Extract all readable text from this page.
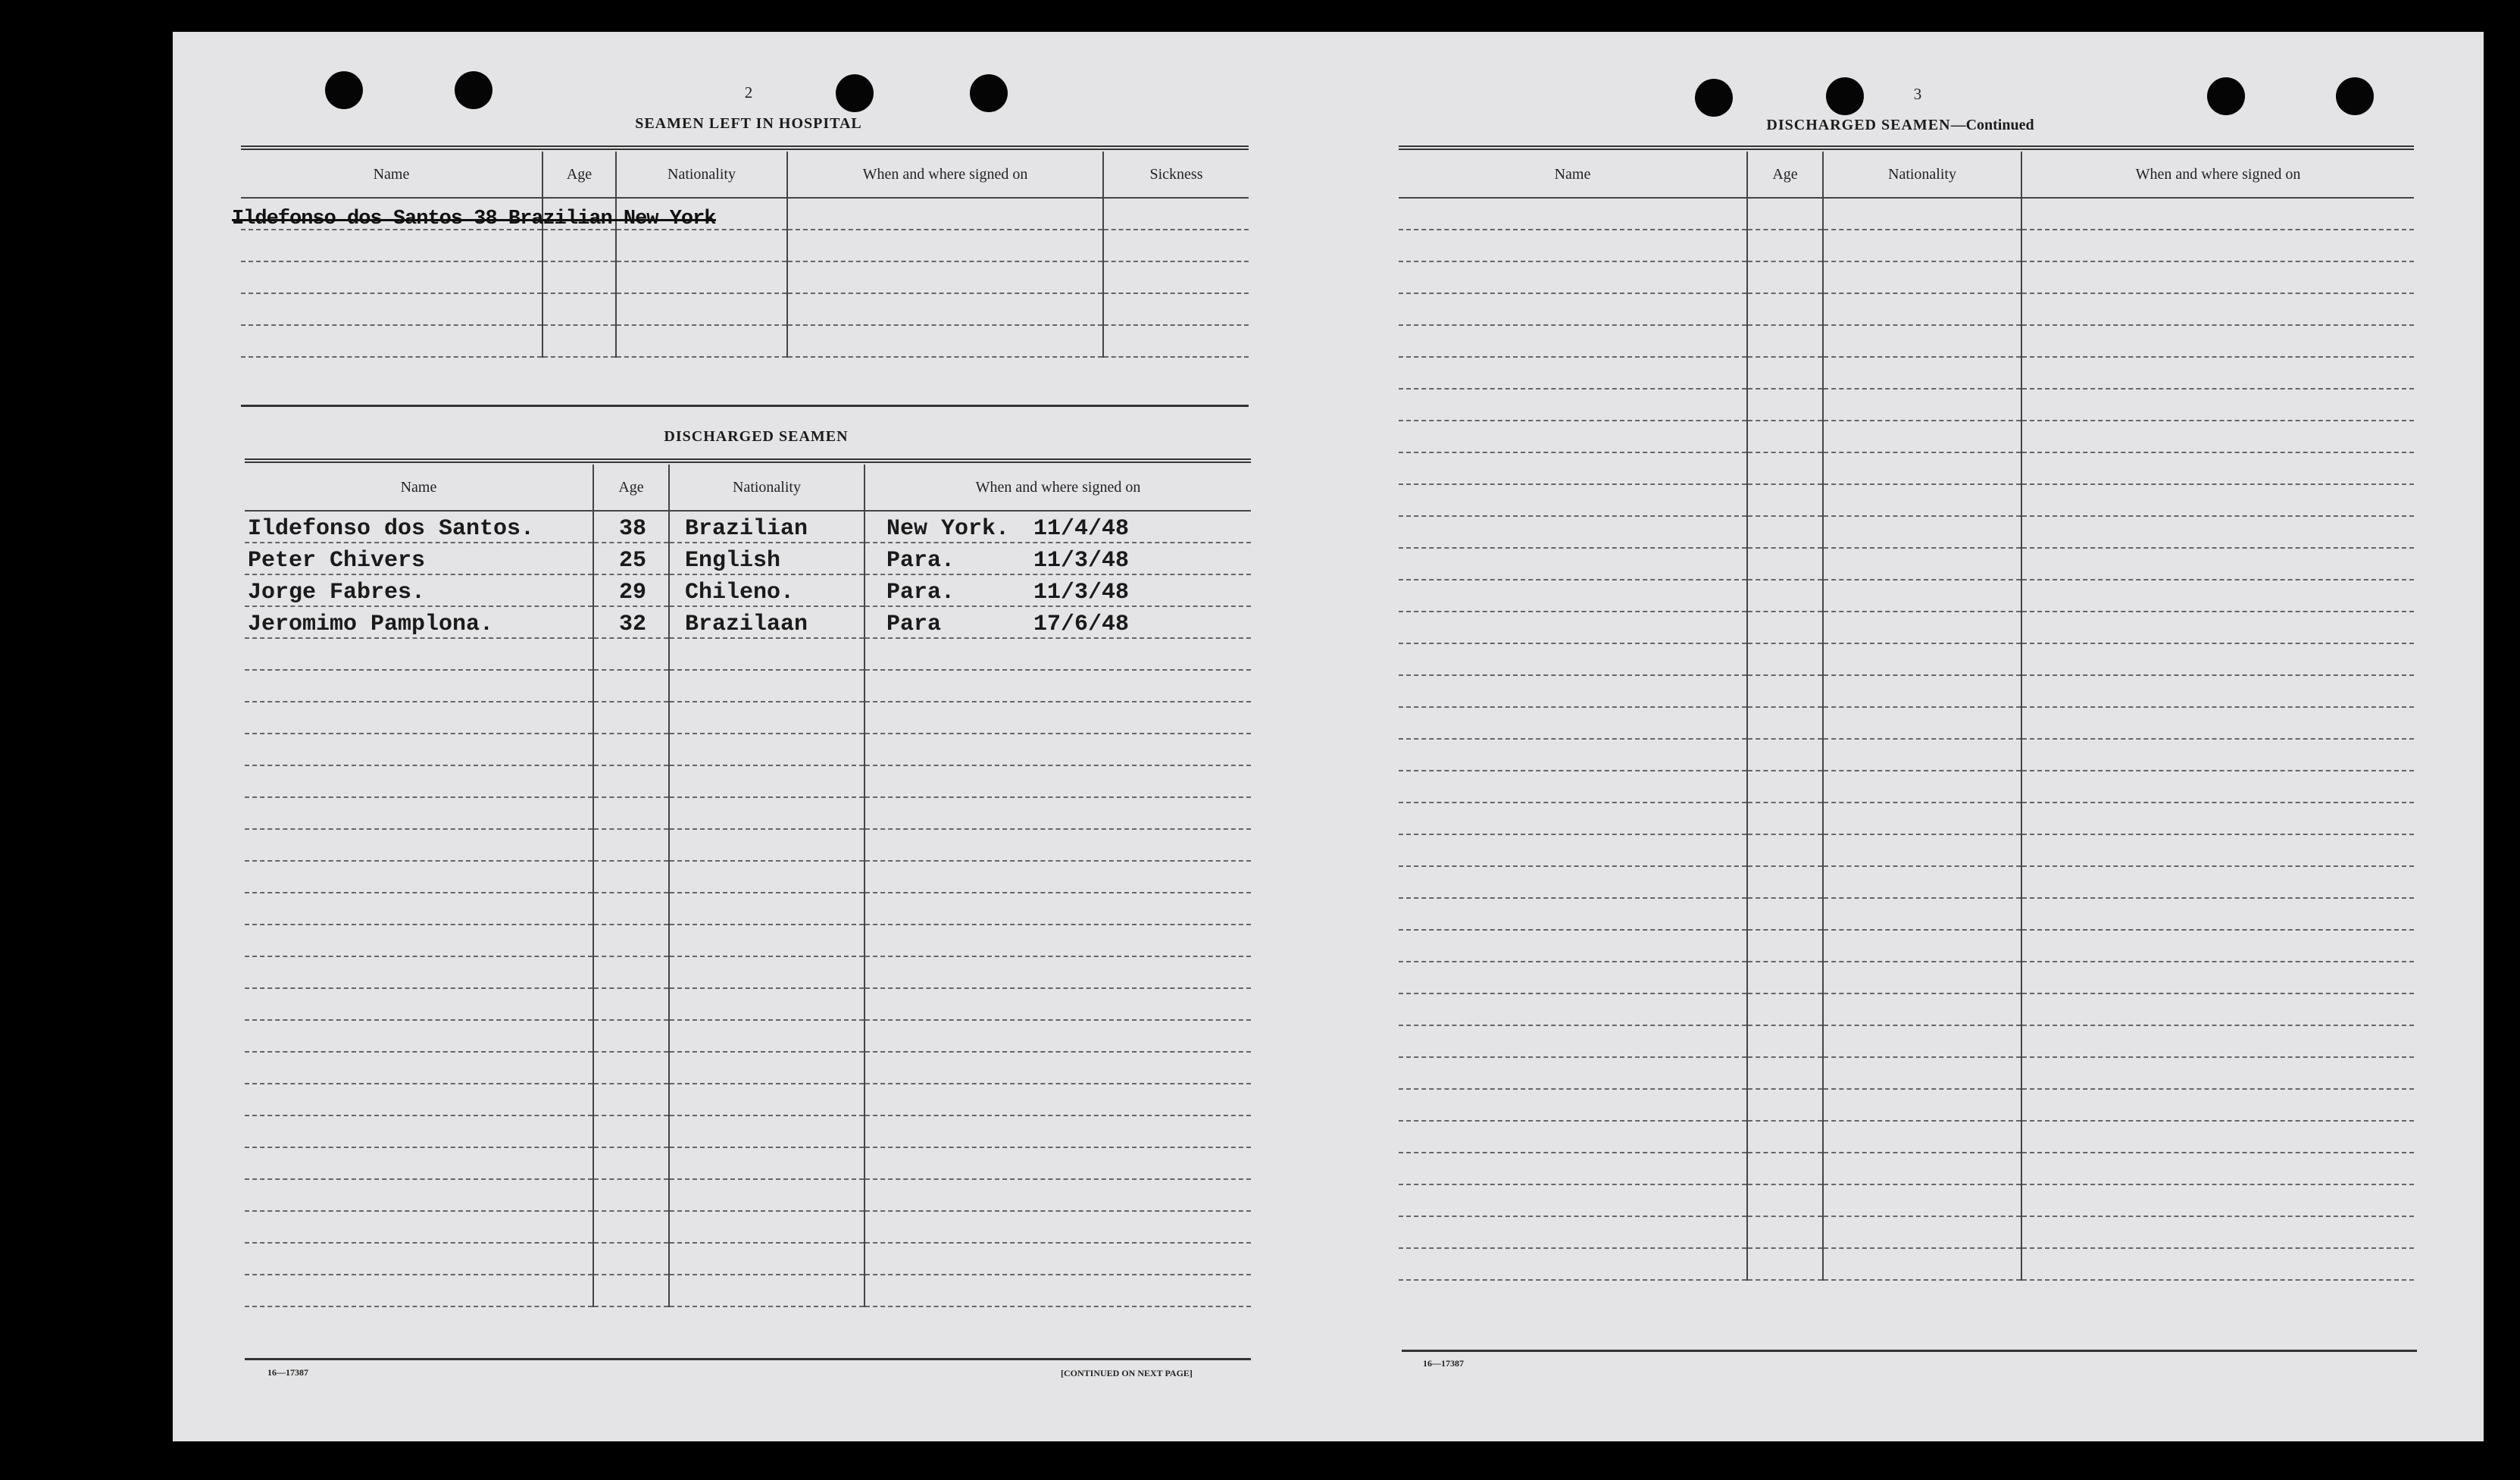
2
SEAMEN LEFT IN HOSPITAL
Name	Age	Nationality	When and where signed on	Sickness

Ildefonso dos Santos 38 Brazilian New York
DISCHARGED SEAMEN
Name	Age	Nationality	When and where signed on
Ildefonso dos Santos.	38	Brazilian	New York. 11/4/48

Peter Chivers	25	English	Para. 11/3/48

Jorge Fabres.	29	Chileno.	Para. 11/3/48

Jeromimo Pamplona.	32	Brazilaan	Para 17/6/48

16—17387	[CONTINUED ON NEXT PAGE]
3
DISCHARGED SEAMEN—Continued
Name	Age	Nationality	When and where signed on

16—17387
